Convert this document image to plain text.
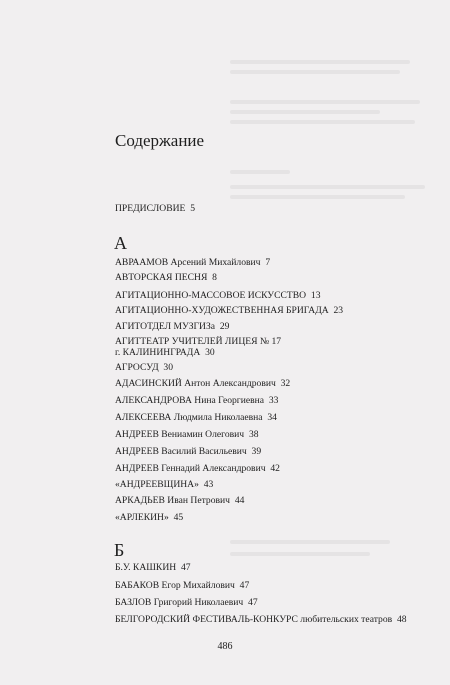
Содержание
ПРЕДИСЛОВИЕ 5
А
АВРААМОВ Арсений Михайлович 7
АВТОРСКАЯ ПЕСНЯ 8
АГИТАЦИОННО-МАССОВОЕ ИСКУССТВО 13
АГИТАЦИОННО-ХУДОЖЕСТВЕННАЯ БРИГАДА 23
АГИТОТДЕЛ МУЗГИЗа 29
АГИТТЕАТР УЧИТЕЛЕЙ ЛИЦЕЯ № 17
г. КАЛИНИНГРАДА 30
АГРОСУД 30
АДАСИНСКИЙ Антон Александрович 32
АЛЕКСАНДРОВА Нина Георгиевна 33
АЛЕКСЕЕВА Людмила Николаевна 34
АНДРЕЕВ Вениамин Олегович 38
АНДРЕЕВ Василий Васильевич 39
АНДРЕЕВ Геннадий Александрович 42
«АНДРЕЕВЩИНА» 43
АРКАДЬЕВ Иван Петрович 44
«АРЛЕКИН» 45
Б
Б.У. КАШКИН 47
БАБАКОВ Егор Михайлович 47
БАЗЛОВ Григорий Николаевич 47
БЕЛГОРОДСКИЙ ФЕСТИВАЛЬ-КОНКУРС любительских театров 48
486
